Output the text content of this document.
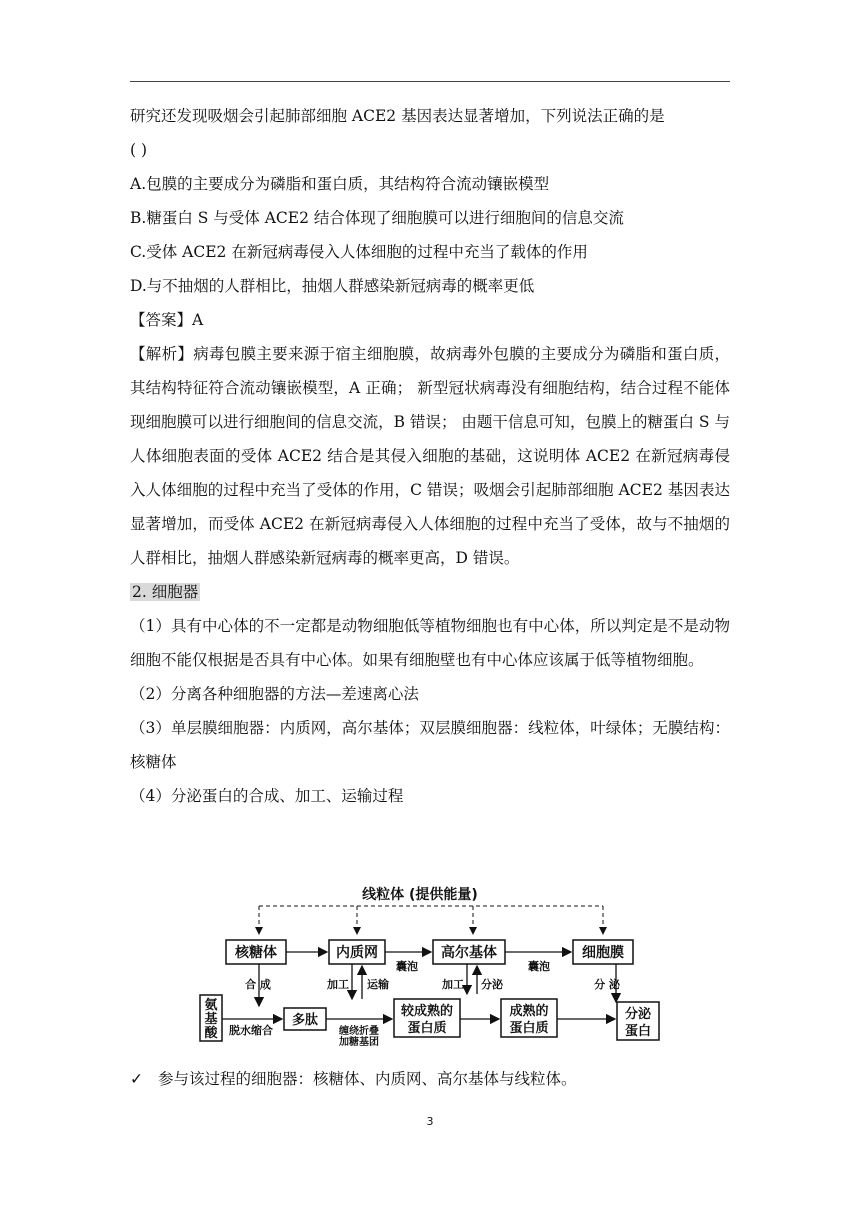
研究还发现吸烟会引起肺部细胞 ACE2 基因表达显著增加，下列说法正确的是

( )

A.包膜的主要成分为磷脂和蛋白质，其结构符合流动镶嵌模型

B.糖蛋白 S 与受体 ACE2 结合体现了细胞膜可以进行细胞间的信息交流

C.受体 ACE2 在新冠病毒侵入人体细胞的过程中充当了载体的作用

D.与不抽烟的人群相比，抽烟人群感染新冠病毒的概率更低

【答案】A

【解析】病毒包膜主要来源于宿主细胞膜，故病毒外包膜的主要成分为磷脂和蛋白质，其结构特征符合流动镶嵌模型，A 正确； 新型冠状病毒没有细胞结构，结合过程不能体现细胞膜可以进行细胞间的信息交流，B 错误； 由题干信息可知，包膜上的糖蛋白 S 与人体细胞表面的受体 ACE2 结合是其侵入细胞的基础，这说明体 ACE2 在新冠病毒侵入人体细胞的过程中充当了受体的作用，C 错误；吸烟会引起肺部细胞 ACE2 基因表达显著增加，而受体 ACE2 在新冠病毒侵入人体细胞的过程中充当了受体，故与不抽烟的人群相比，抽烟人群感染新冠病毒的概率更高，D 错误。

2. 细胞器

（1）具有中心体的不一定都是动物细胞低等植物细胞也有中心体，所以判定是不是动物细胞不能仅根据是否具有中心体。如果有细胞壁也有中心体应该属于低等植物细胞。

（2）分离各种细胞器的方法—差速离心法

（3）单层膜细胞器：内质网，高尔基体；双层膜细胞器：线粒体，叶绿体；无膜结构：核糖体

（4）分泌蛋白的合成、加工、运输过程

线粒体 (提供能量)
核糖体	内质网	高尔基体	细胞膜
囊泡	囊泡
合 成	加工 运输	加工 分泌	分 泌
氨
基
酸
多肽
较成熟的
蛋白质
成熟的
蛋白质
分泌
蛋白
脱水缩合	缠绕折叠
加糖基团
✓ 参与该过程的细胞器：核糖体、内质网、高尔基体与线粒体。
3
